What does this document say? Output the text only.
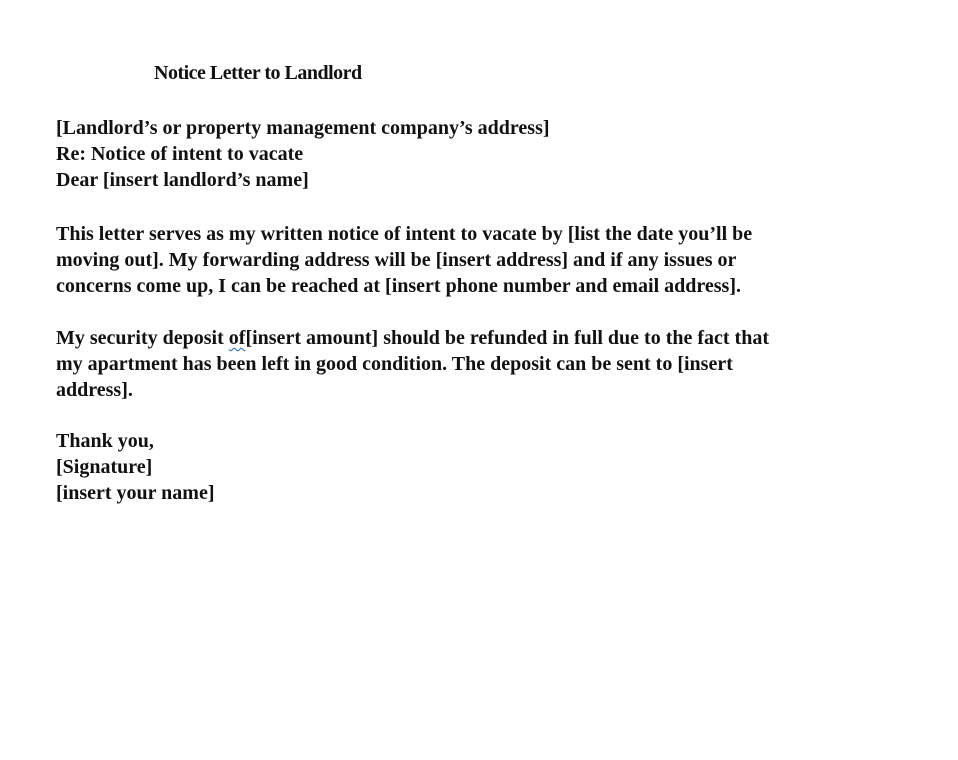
Notice Letter to Landlord
[Landlord’s or property management company’s address]
Re: Notice of intent to vacate
Dear [insert landlord’s name]
This letter serves as my written notice of intent to vacate by [list the date you’ll be
moving out]. My forwarding address will be [insert address] and if any issues or
concerns come up, I can be reached at [insert phone number and email address].
My security deposit of[insert amount] should be refunded in full due to the fact that
my apartment has been left in good condition. The deposit can be sent to [insert
address].
Thank you,
[Signature]
[insert your name]
